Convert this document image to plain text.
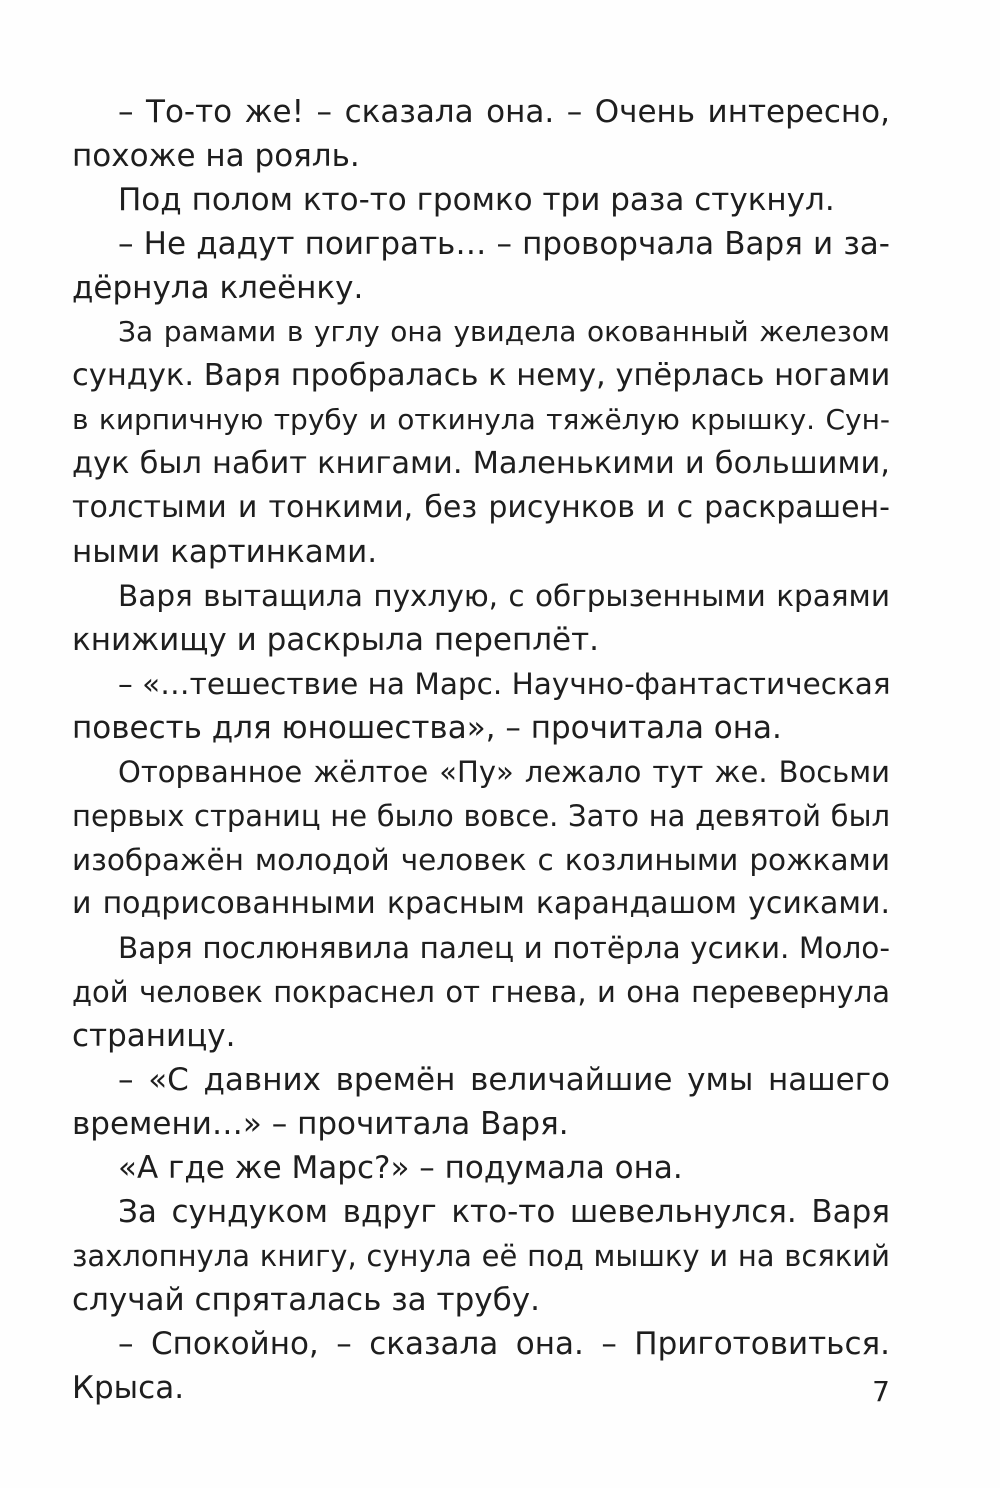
– То-то же! – сказала она. – Очень интересно,
похоже на рояль.
Под полом кто-то громко три раза стукнул.
– Не дадут поиграть… – проворчала Варя и за-
дёрнула клеёнку.
За рамами в углу она увидела окованный железом
сундук. Варя пробралась к нему, упёрлась ногами
в кирпичную трубу и откинула тяжёлую крышку. Сун-
дук был набит книгами. Маленькими и большими,
толстыми и тонкими, без рисунков и с раскрашен-
ными картинками.
Варя вытащила пухлую, с обгрызенными краями
книжищу и раскрыла переплёт.
– «…тешествие на Марс. Научно-фантастическая
повесть для юношества», – прочитала она.
Оторванное жёлтое «Пу» лежало тут же. Восьми
первых страниц не было вовсе. Зато на девятой был
изображён молодой человек с козлиными рожками
и подрисованными красным карандашом усиками.
Варя послюнявила палец и потёрла усики. Моло-
дой человек покраснел от гнева, и она перевернула
страницу.
– «С давних времён величайшие умы нашего
времени…» – прочитала Варя.
«А где же Марс?» – подумала она.
За сундуком вдруг кто-то шевельнулся. Варя
захлопнула книгу, сунула её под мышку и на всякий
случай спряталась за трубу.
– Спокойно, – сказала она. – Приготовиться.
Крыса.	7
